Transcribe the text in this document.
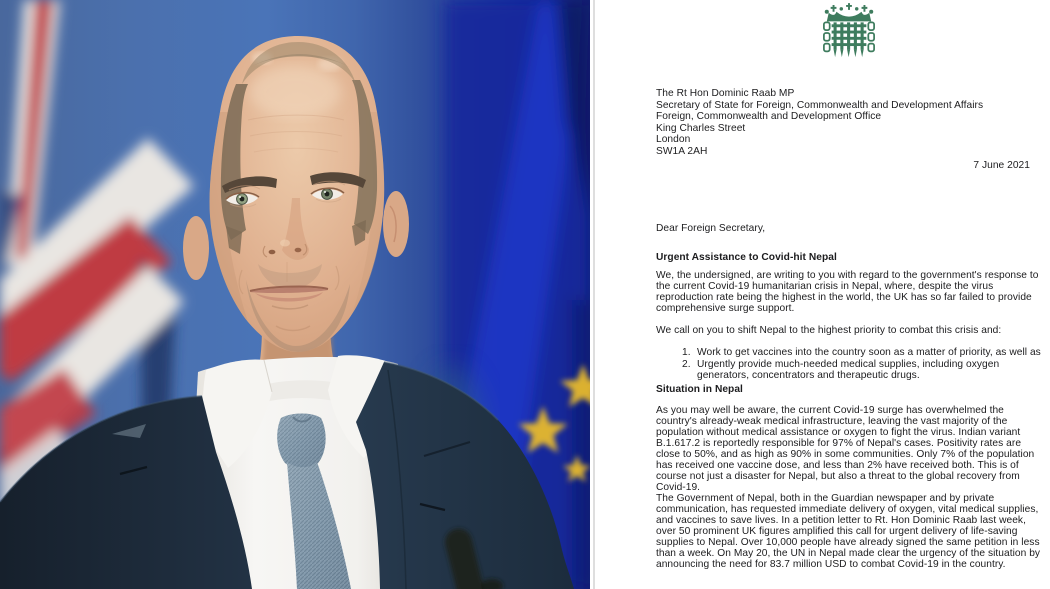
The Rt Hon Dominic Raab MP
Secretary of State for Foreign, Commonwealth and Development Affairs
Foreign, Commonwealth and Development Office
King Charles Street
London
SW1A 2AH
7 June 2021
Dear Foreign Secretary,
Urgent Assistance to Covid-hit Nepal
We, the undersigned, are writing to you with regard to the government's response to the current Covid-19 humanitarian crisis in Nepal, where, despite the virus reproduction rate being the highest in the world, the UK has so far failed to provide comprehensive surge support.
We call on you to shift Nepal to the highest priority to combat this crisis and:
1. Work to get vaccines into the country soon as a matter of priority, as well as
2. Urgently provide much-needed medical supplies, including oxygen generators, concentrators and therapeutic drugs.
Situation in Nepal
As you may well be aware, the current Covid-19 surge has overwhelmed the country's already-weak medical infrastructure, leaving the vast majority of the population without medical assistance or oxygen to fight the virus. Indian variant B.1.617.2 is reportedly responsible for 97% of Nepal's cases. Positivity rates are close to 50%, and as high as 90% in some communities. Only 7% of the population has received one vaccine dose, and less than 2% have received both. This is of course not just a disaster for Nepal, but also a threat to the global recovery from Covid-19.
The Government of Nepal, both in the Guardian newspaper and by private communication, has requested immediate delivery of oxygen, vital medical supplies, and vaccines to save lives. In a petition letter to Rt. Hon Dominic Raab last week, over 50 prominent UK figures amplified this call for urgent delivery of life-saving supplies to Nepal. Over 10,000 people have already signed the same petition in less than a week. On May 20, the UN in Nepal made clear the urgency of the situation by announcing the need for 83.7 million USD to combat Covid-19 in the country.
